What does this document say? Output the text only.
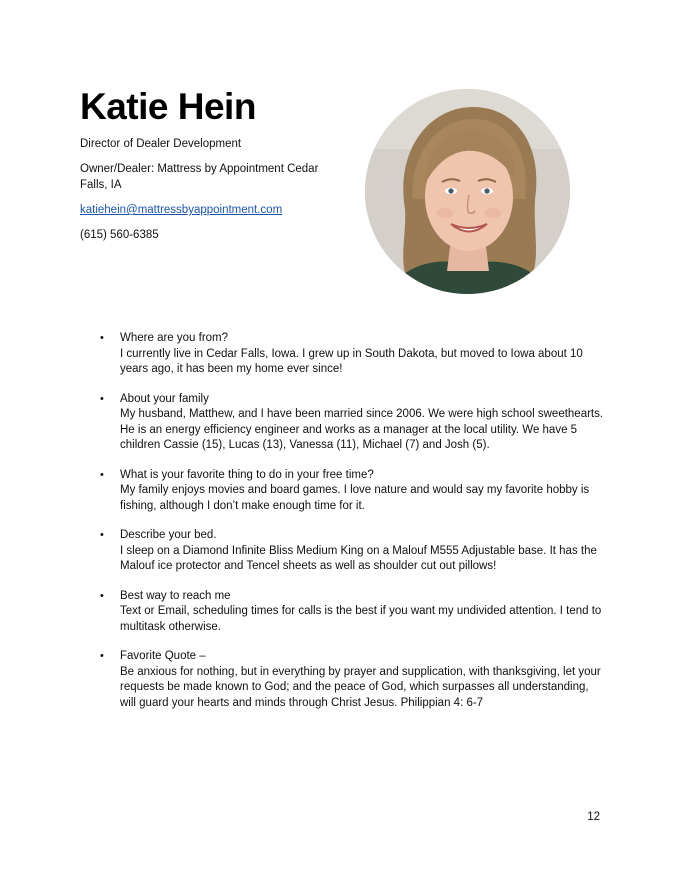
Katie Hein

Director of Dealer Development

Owner/Dealer: Mattress by Appointment Cedar Falls, IA

katiehein@mattressbyappointment.com

(615) 560-6385

• Where are you from?
I currently live in Cedar Falls, Iowa. I grew up in South Dakota, but moved to Iowa about 10 years ago, it has been my home ever since!
• About your family
My husband, Matthew, and I have been married since 2006. We were high school sweethearts. He is an energy efficiency engineer and works as a manager at the local utility. We have 5 children Cassie (15), Lucas (13), Vanessa (11), Michael (7) and Josh (5).
• What is your favorite thing to do in your free time?
My family enjoys movies and board games. I love nature and would say my favorite hobby is fishing, although I don’t make enough time for it.
• Describe your bed.
I sleep on a Diamond Infinite Bliss Medium King on a Malouf M555 Adjustable base. It has the Malouf ice protector and Tencel sheets as well as shoulder cut out pillows!
• Best way to reach me
Text or Email, scheduling times for calls is the best if you want my undivided attention. I tend to multitask otherwise.
• Favorite Quote –
Be anxious for nothing, but in everything by prayer and supplication, with thanksgiving, let your requests be made known to God; and the peace of God, which surpasses all understanding, will guard your hearts and minds through Christ Jesus. Philippian 4: 6-7
12
